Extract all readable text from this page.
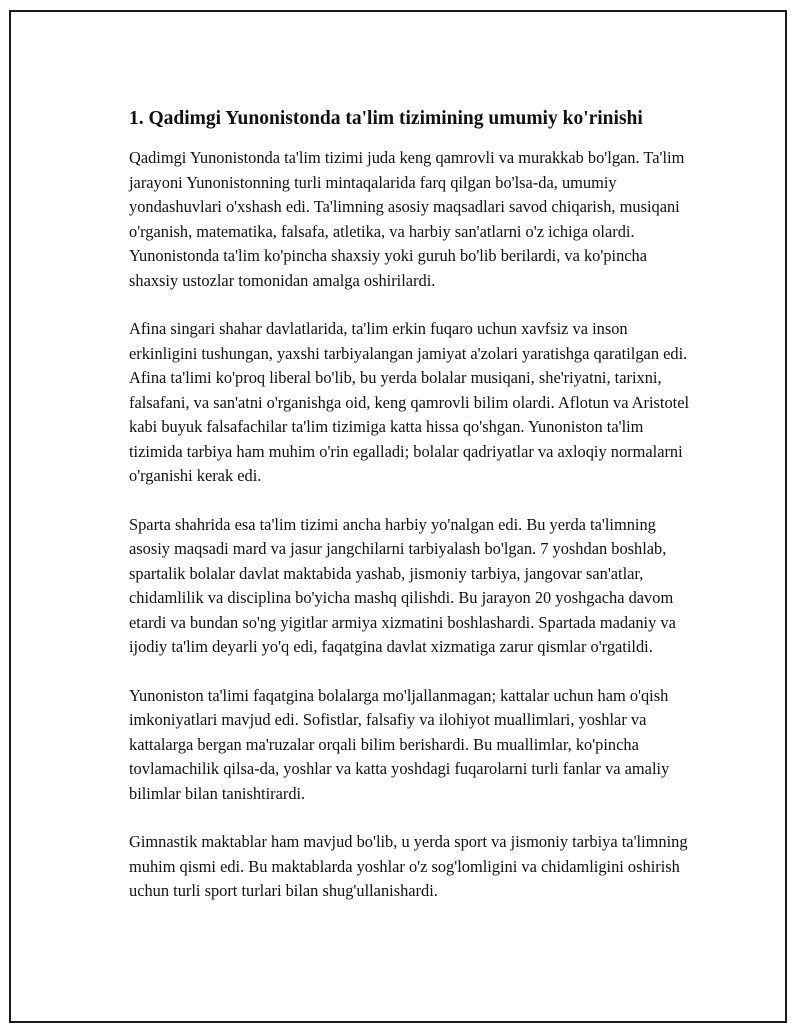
1. Qadimgi Yunonistonda ta'lim tizimining umumiy ko'rinishi

Qadimgi Yunonistonda ta'lim tizimi juda keng qamrovli va murakkab bo'lgan. Ta'lim jarayoni Yunonistonning turli mintaqalarida farq qilgan bo'lsa-da, umumiy yondashuvlari o'xshash edi. Ta'limning asosiy maqsadlari savod chiqarish, musiqani o'rganish, matematika, falsafa, atletika, va harbiy san'atlarni o'z ichiga olardi. Yunonistonda ta'lim ko'pincha shaxsiy yoki guruh bo'lib berilardi, va ko'pincha shaxsiy ustozlar tomonidan amalga oshirilardi.

Afina singari shahar davlatlarida, ta'lim erkin fuqaro uchun xavfsiz va inson erkinligini tushungan, yaxshi tarbiyalangan jamiyat a'zolari yaratishga qaratilgan edi. Afina ta'limi ko'proq liberal bo'lib, bu yerda bolalar musiqani, she'riyatni, tarixni, falsafani, va san'atni o'rganishga oid, keng qamrovli bilim olardi. Aflotun va Aristotel kabi buyuk falsafachilar ta'lim tizimiga katta hissa qo'shgan. Yunoniston ta'lim tizimida tarbiya ham muhim o'rin egalladi; bolalar qadriyatlar va axloqiy normalarni o'rganishi kerak edi.

Sparta shahrida esa ta'lim tizimi ancha harbiy yo'nalgan edi. Bu yerda ta'limning asosiy maqsadi mard va jasur jangchilarni tarbiyalash bo'lgan. 7 yoshdan boshlab, spartalik bolalar davlat maktabida yashab, jismoniy tarbiya, jangovar san'atlar, chidamlilik va disciplina bo'yicha mashq qilishdi. Bu jarayon 20 yoshgacha davom etardi va bundan so'ng yigitlar armiya xizmatini boshlashardi. Spartada madaniy va ijodiy ta'lim deyarli yo'q edi, faqatgina davlat xizmatiga zarur qismlar o'rgatildi.

Yunoniston ta'limi faqatgina bolalarga mo'ljallanmagan; kattalar uchun ham o'qish imkoniyatlari mavjud edi. Sofistlar, falsafiy va ilohiyot muallimlari, yoshlar va kattalarga bergan ma'ruzalar orqali bilim berishardi. Bu muallimlar, ko'pincha tovlamachilik qilsa-da, yoshlar va katta yoshdagi fuqarolarni turli fanlar va amaliy bilimlar bilan tanishtirardi.

Gimnastik maktablar ham mavjud bo'lib, u yerda sport va jismoniy tarbiya ta'limning muhim qismi edi. Bu maktablarda yoshlar o'z sog'lomligini va chidamligini oshirish uchun turli sport turlari bilan shug'ullanishardi.
